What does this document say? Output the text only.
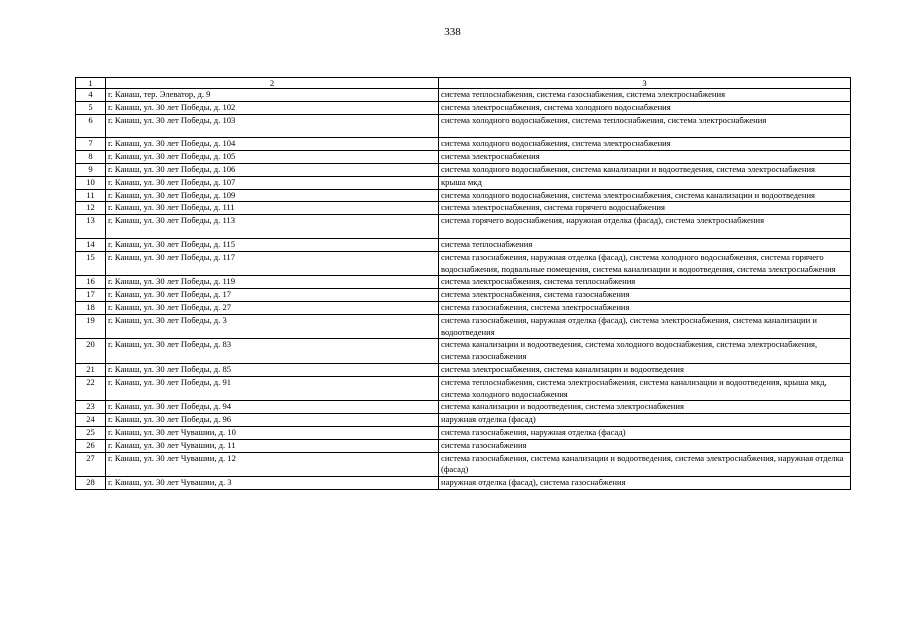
338
1	2	3
4	г. Канаш, тер. Элеватор, д. 9	система теплоснабжения, система газоснабжения, система электроснабжения
5	г. Канаш, ул. 30 лет Победы, д. 102	система электроснабжения, система холодного водоснабжения
6	г. Канаш, ул. 30 лет Победы, д. 103	система холодного водоснабжения, система теплоснабжения, система электроснабжения
7	г. Канаш, ул. 30 лет Победы, д. 104	система холодного водоснабжения, система электроснабжения
8	г. Канаш, ул. 30 лет Победы, д. 105	система электроснабжения
9	г. Канаш, ул. 30 лет Победы, д. 106	система холодного водоснабжения, система канализации и водоотведения, система электроснабжения
10	г. Канаш, ул. 30 лет Победы, д. 107	крыша мкд
11	г. Канаш, ул. 30 лет Победы, д. 109	система холодного водоснабжения, система электроснабжения, система канализации и водоотведения
12	г. Канаш, ул. 30 лет Победы, д. 111	система электроснабжения, система горячего водоснабжения
13	г. Канаш, ул. 30 лет Победы, д. 113	система горячего водоснабжения, наружная отделка (фасад), система электроснабжения
14	г. Канаш, ул. 30 лет Победы, д. 115	система теплоснабжения
15	г. Канаш, ул. 30 лет Победы, д. 117	система газоснабжения, наружная отделка (фасад), система холодного водоснабжения, система горячего водоснабжения, подвальные помещения, система канализации и водоотведения, система электроснабжения
16	г. Канаш, ул. 30 лет Победы, д. 119	система электроснабжения, система теплоснабжения
17	г. Канаш, ул. 30 лет Победы, д. 17	система электроснабжения, система газоснабжения
18	г. Канаш, ул. 30 лет Победы, д. 27	система газоснабжения, система электроснабжения
19	г. Канаш, ул. 30 лет Победы, д. 3	система газоснабжения, наружная отделка (фасад), система электроснабжения, система канализации и водоотведения
20	г. Канаш, ул. 30 лет Победы, д. 83	система канализации и водоотведения, система холодного водоснабжения, система электроснабжения, система газоснабжения
21	г. Канаш, ул. 30 лет Победы, д. 85	система электроснабжения, система канализации и водоотведения
22	г. Канаш, ул. 30 лет Победы, д. 91	система теплоснабжения, система электроснабжения, система канализации и водоотведения, крыша мкд, система холодного водоснабжения
23	г. Канаш, ул. 30 лет Победы, д. 94	система канализации и водоотведения, система электроснабжения
24	г. Канаш, ул. 30 лет Победы, д. 96	наружная отделка (фасад)
25	г. Канаш, ул. 30 лет Чувашии, д. 10	система газоснабжения, наружная отделка (фасад)
26	г. Канаш, ул. 30 лет Чувашии, д. 11	система газоснабжения
27	г. Канаш, ул. 30 лет Чувашии, д. 12	система газоснабжения, система канализации и водоотведения, система электроснабжения, наружная отделка (фасад)
28	г. Канаш, ул. 30 лет Чувашии, д. 3	наружная отделка (фасад), система газоснабжения
